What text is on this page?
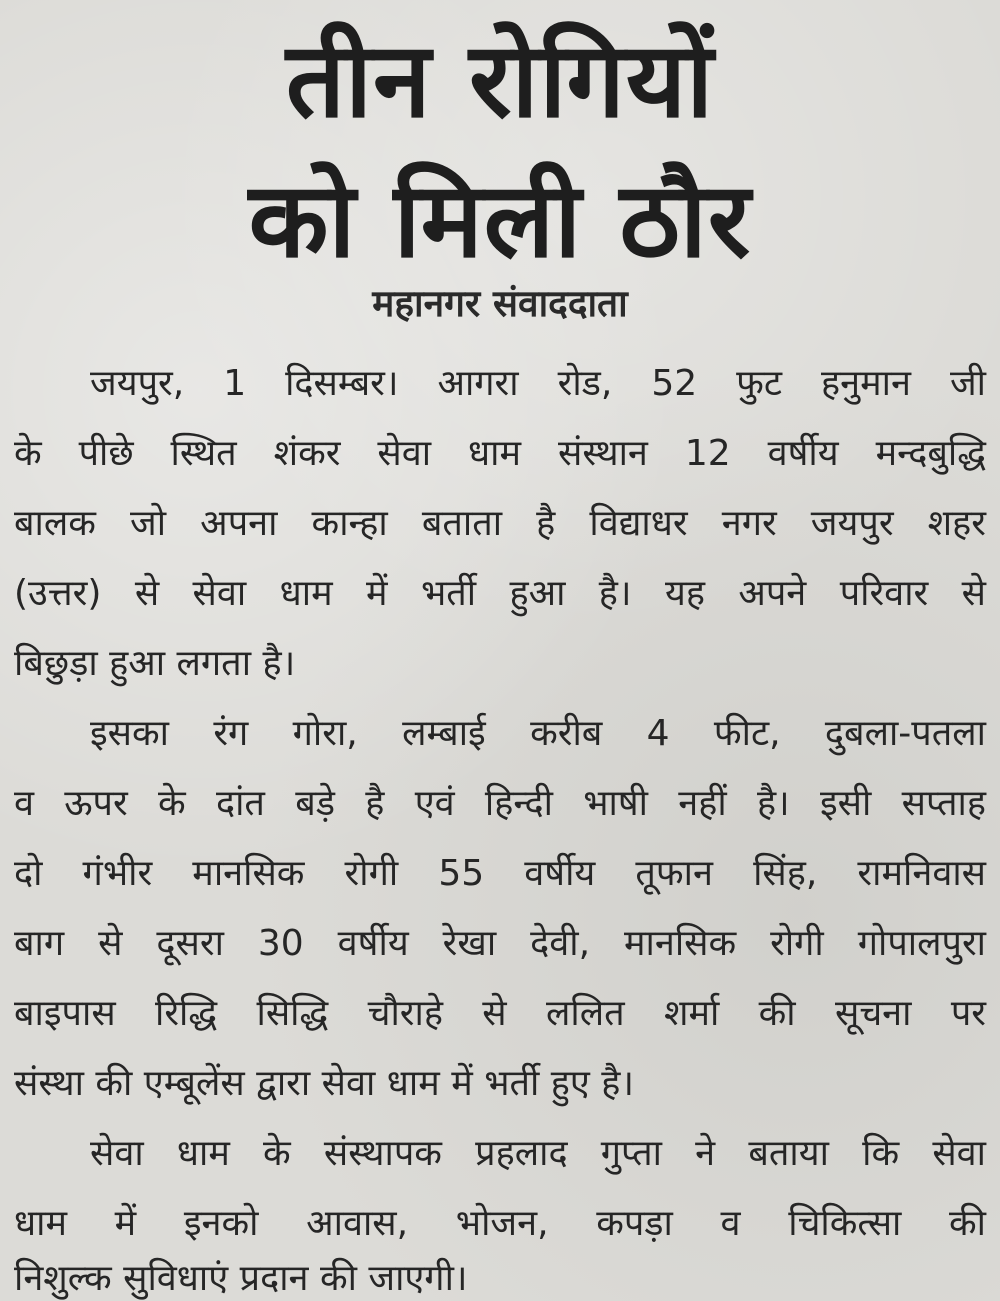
तीन रोगियों
को मिली ठौर
महानगर संवाददाता
जयपुर, 1 दिसम्बर। आगरा रोड, 52 फुट हनुमान जी
के पीछे स्थित शंकर सेवा धाम संस्थान 12 वर्षीय मन्दबुद्धि
बालक जो अपना कान्हा बताता है विद्याधर नगर जयपुर शहर
(उत्तर) से सेवा धाम में भर्ती हुआ है। यह अपने परिवार से
बिछुड़ा हुआ लगता है।
इसका रंग गोरा, लम्बाई करीब 4 फीट, दुबला-पतला
व ऊपर के दांत बड़े है एवं हिन्दी भाषी नहीं है। इसी सप्ताह
दो गंभीर मानसिक रोगी 55 वर्षीय तूफान सिंह, रामनिवास
बाग से दूसरा 30 वर्षीय रेखा देवी, मानसिक रोगी गोपालपुरा
बाइपास रिद्धि सिद्धि चौराहे से ललित शर्मा की सूचना पर
संस्था की एम्बूलेंस द्वारा सेवा धाम में भर्ती हुए है।
सेवा धाम के संस्थापक प्रहलाद गुप्ता ने बताया कि सेवा
धाम में इनको आवास, भोजन, कपड़ा व चिकित्सा की
निशुल्क सुविधाएं प्रदान की जाएगी।
